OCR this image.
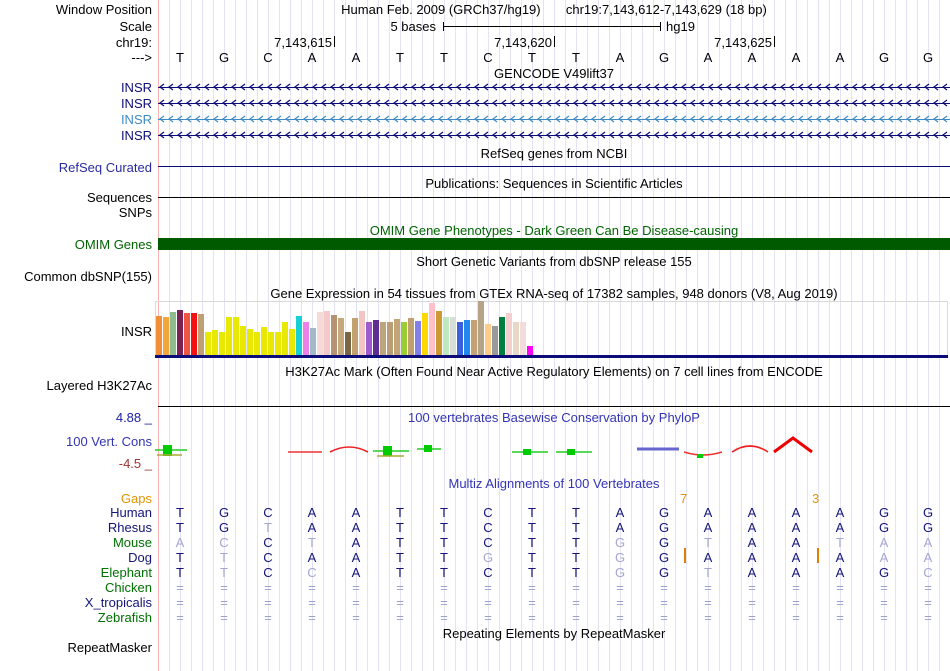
Window Position	Human Feb. 2009 (GRCh37/hg19) chr19:7,143,612-7,143,629 (18 bp)
Scale	5 bases	hg19
chr19:
--->
GENCODE V49lift37
RefSeq genes from NCBI
RefSeq Curated
Publications: Sequences in Scientific Articles
Sequences
SNPs
OMIM Gene Phenotypes - Dark Green Can Be Disease-causing
OMIM Genes
Short Genetic Variants from dbSNP release 155
Common dbSNP(155)
Gene Expression in 54 tissues from GTEx RNA-seq of 17382 samples, 948 donors (V8, Aug 2019)
INSR
H3K27Ac Mark (Often Found Near Active Regulatory Elements) on 7 cell lines from ENCODE
Layered H3K27Ac
4.88 _	100 vertebrates Basewise Conservation by PhyloP
100 Vert. Cons
-4.5 _
Multiz Alignments of 100 Vertebrates
Gaps
Repeating Elements by RepeatMasker
RepeatMasker
7,143,615	7,143,620	7,143,625
T	G	C	A	A	T	T	C	T	T	A	G	A	A	A	A	G	G
INSR
INSR
INSR
INSR
7	3
Human	T	G	C	A	A	T	T	C	T	T	A	G	A	A	A	A	G	G
Rhesus	T	G	T	A	A	T	T	C	T	T	A	G	A	A	A	A	G	G
Mouse	A	C	C	T	A	T	T	C	T	T	G	G	T	A	A	T	A	A
Dog	T	T	C	A	A	T	T	G	T	T	G	G	A	A	A	A	A	A
Elephant	T	T	C	C	A	T	T	C	T	T	G	G	T	A	A	A	G	C
Chicken	=	=	=	=	=	=	=	=	=	=	=	=	=	=	=	=	=	=
X_tropicalis	=	=	=	=	=	=	=	=	=	=	=	=	=	=	=	=	=	=
Zebrafish	=	=	=	=	=	=	=	=	=	=	=	=	=	=	=	=	=	=
